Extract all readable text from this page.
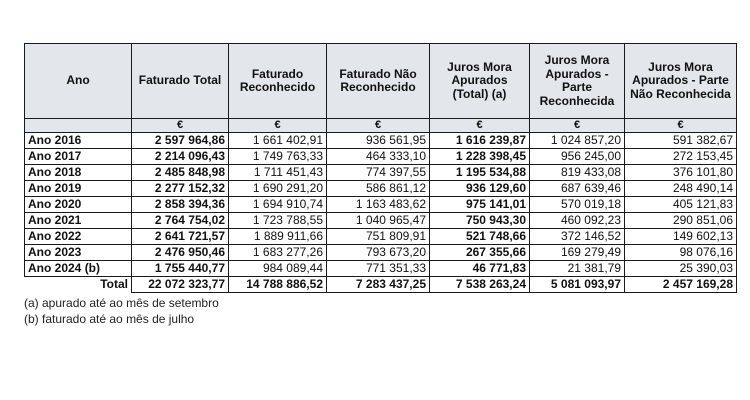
Ano	Faturado Total	Faturado Reconhecido	Faturado Não Reconhecido	Juros Mora Apurados (Total) (a)	Juros Mora Apurados - Parte Reconhecida	Juros Mora Apurados - Parte Não Reconhecida
	€	€	€	€	€	€
Ano 2016	2 597 964,86	1 661 402,91	936 561,95	1 616 239,87	1 024 857,20	591 382,67
Ano 2017	2 214 096,43	1 749 763,33	464 333,10	1 228 398,45	956 245,00	272 153,45
Ano 2018	2 485 848,98	1 711 451,43	774 397,55	1 195 534,88	819 433,08	376 101,80
Ano 2019	2 277 152,32	1 690 291,20	586 861,12	936 129,60	687 639,46	248 490,14
Ano 2020	2 858 394,36	1 694 910,74	1 163 483,62	975 141,01	570 019,18	405 121,83
Ano 2021	2 764 754,02	1 723 788,55	1 040 965,47	750 943,30	460 092,23	290 851,06
Ano 2022	2 641 721,57	1 889 911,66	751 809,91	521 748,66	372 146,52	149 602,13
Ano 2023	2 476 950,46	1 683 277,26	793 673,20	267 355,66	169 279,49	98 076,16
Ano 2024 (b)	1 755 440,77	984 089,44	771 351,33	46 771,83	21 381,79	25 390,03
Total	22 072 323,77	14 788 886,52	7 283 437,25	7 538 263,24	5 081 093,97	2 457 169,28
(a) apurado até ao mês de setembro
(b) faturado até ao mês de julho
